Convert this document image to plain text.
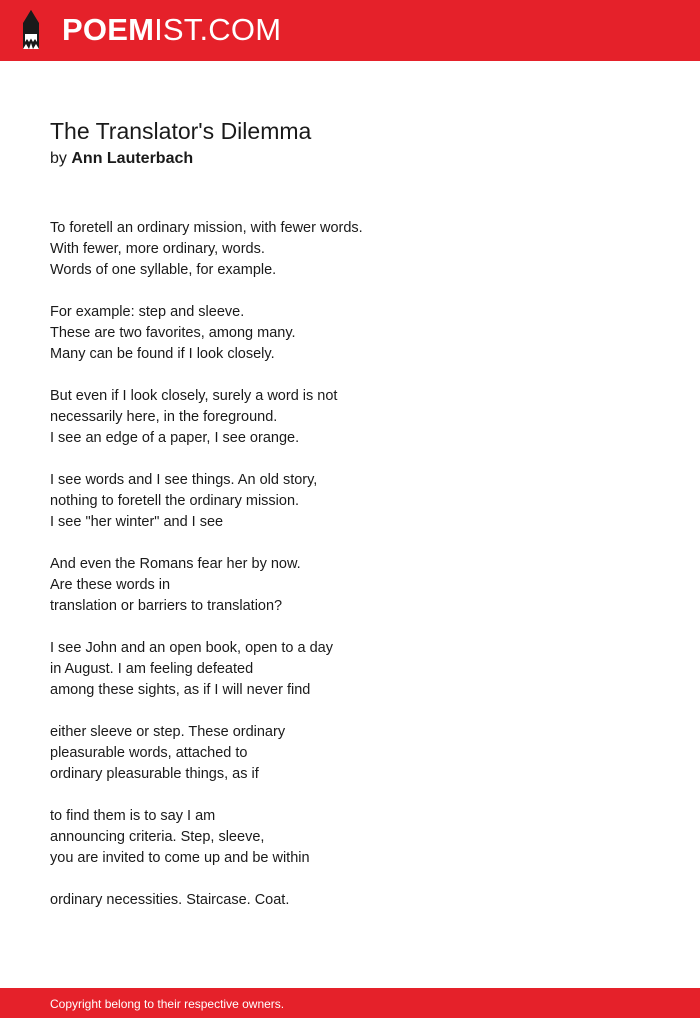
POEMIST.COM
The Translator's Dilemma
by Ann Lauterbach
To foretell an ordinary mission, with fewer words.
With fewer, more ordinary, words.
Words of one syllable, for example.
For example: step and sleeve.
These are two favorites, among many.
Many can be found if I look closely.
But even if I look closely, surely a word is not
necessarily here, in the foreground.
I see an edge of a paper, I see orange.
I see words and I see things. An old story,
nothing to foretell the ordinary mission.
I see "her winter" and I see
And even the Romans fear her by now.
Are these words in
translation or barriers to translation?
I see John and an open book, open to a day
in August. I am feeling defeated
among these sights, as if I will never find
either sleeve or step. These ordinary
pleasurable words, attached to
ordinary pleasurable things, as if
to find them is to say I am
announcing criteria. Step, sleeve,
you are invited to come up and be within
ordinary necessities. Staircase. Coat.
Copyright belong to their respective owners.
